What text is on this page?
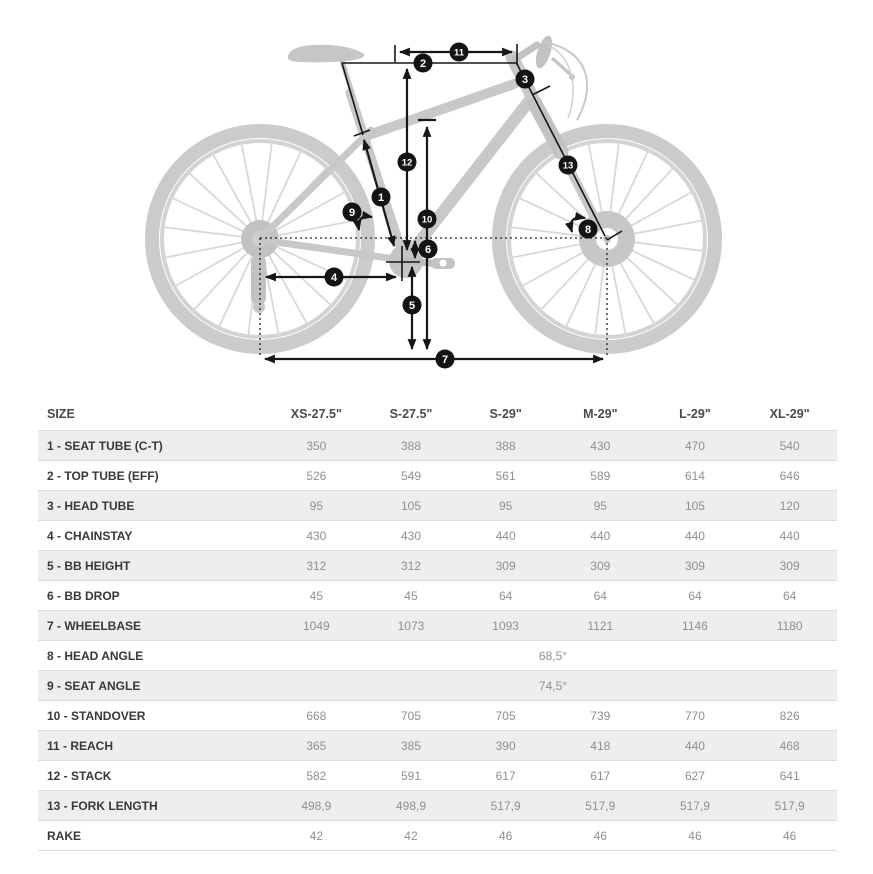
1
2
3
4
5
6
7
8
9
10
11
12	13
SIZE	XS-27.5"	S-27.5"	S-29"	M-29"	L-29"	XL-29"
1 - SEAT TUBE (C-T)	350	388	388	430	470	540
2 - TOP TUBE (EFF)	526	549	561	589	614	646
3 - HEAD TUBE	95	105	95	95	105	120
4 - CHAINSTAY	430	430	440	440	440	440
5 - BB HEIGHT	312	312	309	309	309	309
6 - BB DROP	45	45	64	64	64	64
7 - WHEELBASE	1049	1073	1093	1121	1146	1180
8 - HEAD ANGLE	68,5°					
9 - SEAT ANGLE	74,5°					
10 - STANDOVER	668	705	705	739	770	826
11 - REACH	365	385	390	418	440	468
12 - STACK	582	591	617	617	627	641
13 - FORK LENGTH	498,9	498,9	517,9	517,9	517,9	517,9
RAKE	42	42	46	46	46	46
